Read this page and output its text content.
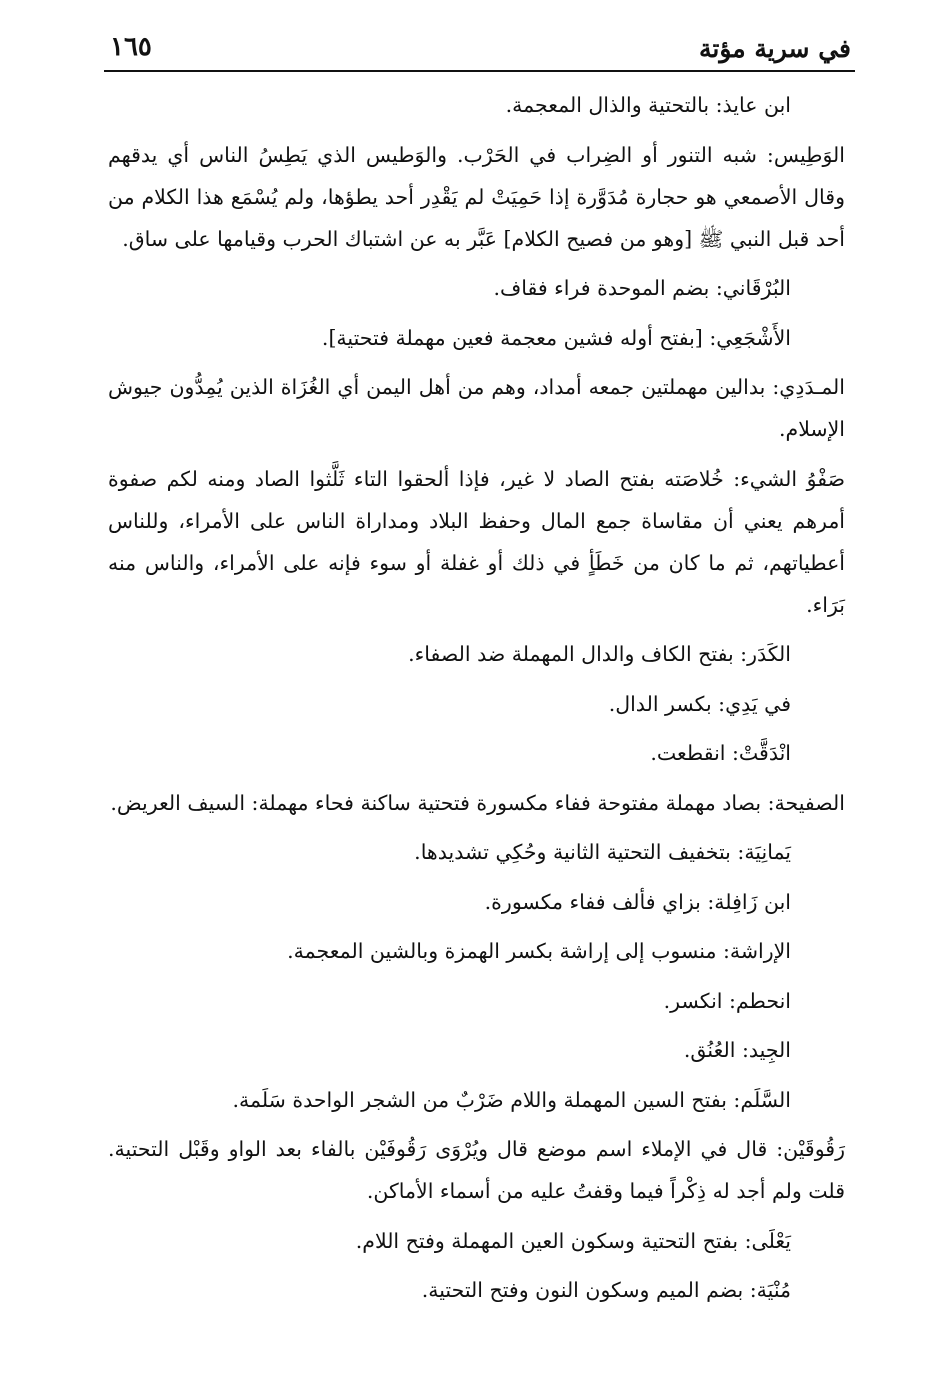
في سرية مؤتة
١٦٥

ابن عايذ: بالتحتية والذال المعجمة.

الوَطِيس: شبه التنور أو الضِراب في الحَرْب. والوَطيس الذي يَطِسُ الناس أي يدقهم وقال الأصمعي هو حجارة مُدَوَّرة إذا حَمِيَتْ لم يَقْدِر أحد يطؤها، ولم يُسْمَع هذا الكلام من أحد قبل النبي ﷺ [وهو من فصيح الكلام] عَبَّر به عن اشتباك الحرب وقيامها على ساق.

البُرْقَاني: بضم الموحدة فراء فقاف.

الأَشْجَعِي: [بفتح أوله فشين معجمة فعين مهملة فتحتية].

المـدَدِي: بدالين مهملتين جمعه أمداد، وهم من أهل اليمن أي الغُزَاة الذين يُمِدُّون جيوش الإسلام.

صَفْوُ الشيء: خُلاصَته بفتح الصاد لا غير، فإذا ألحقوا التاء ثَلَّثوا الصاد ومنه لكم صفوة أمرهم يعني أن مقاساة جمع المال وحفظ البلاد ومداراة الناس على الأمراء، وللناس أعطياتهم، ثم ما كان من خَطَأٍ في ذلك أو غفلة أو سوء فإنه على الأمراء، والناس منه بَرَاء.

الكَدَر: بفتح الكاف والدال المهملة ضد الصفاء.

في يَدِي: بكسر الدال.

انْدَقَّتْ: انقطعت.

الصفيحة: بصاد مهملة مفتوحة ففاء مكسورة فتحتية ساكنة فحاء مهملة: السيف العريض.

يَمانِيَة: بتخفيف التحتية الثانية وحُكِي تشديدها.

ابن زَافِلة: بزاي فألف ففاء مكسورة.

الإراشة: منسوب إلى إراشة بكسر الهمزة وبالشين المعجمة.

انحطم: انكسر.

الجِيد: العُنُق.

السَّلَم: بفتح السين المهملة واللام ضَرْبٌ من الشجر الواحدة سَلَمة.

رَقُوقَيْن: قال في الإملاء اسم موضع قال ويُرْوَى رَقُوفَيْن بالفاء بعد الواو وقَبْل التحتية. قلت ولم أجد له ذِكْراً فيما وقفتُ عليه من أسماء الأماكن.

يَعْلَى: بفتح التحتية وسكون العين المهملة وفتح اللام.

مُنْيَة: بضم الميم وسكون النون وفتح التحتية.
